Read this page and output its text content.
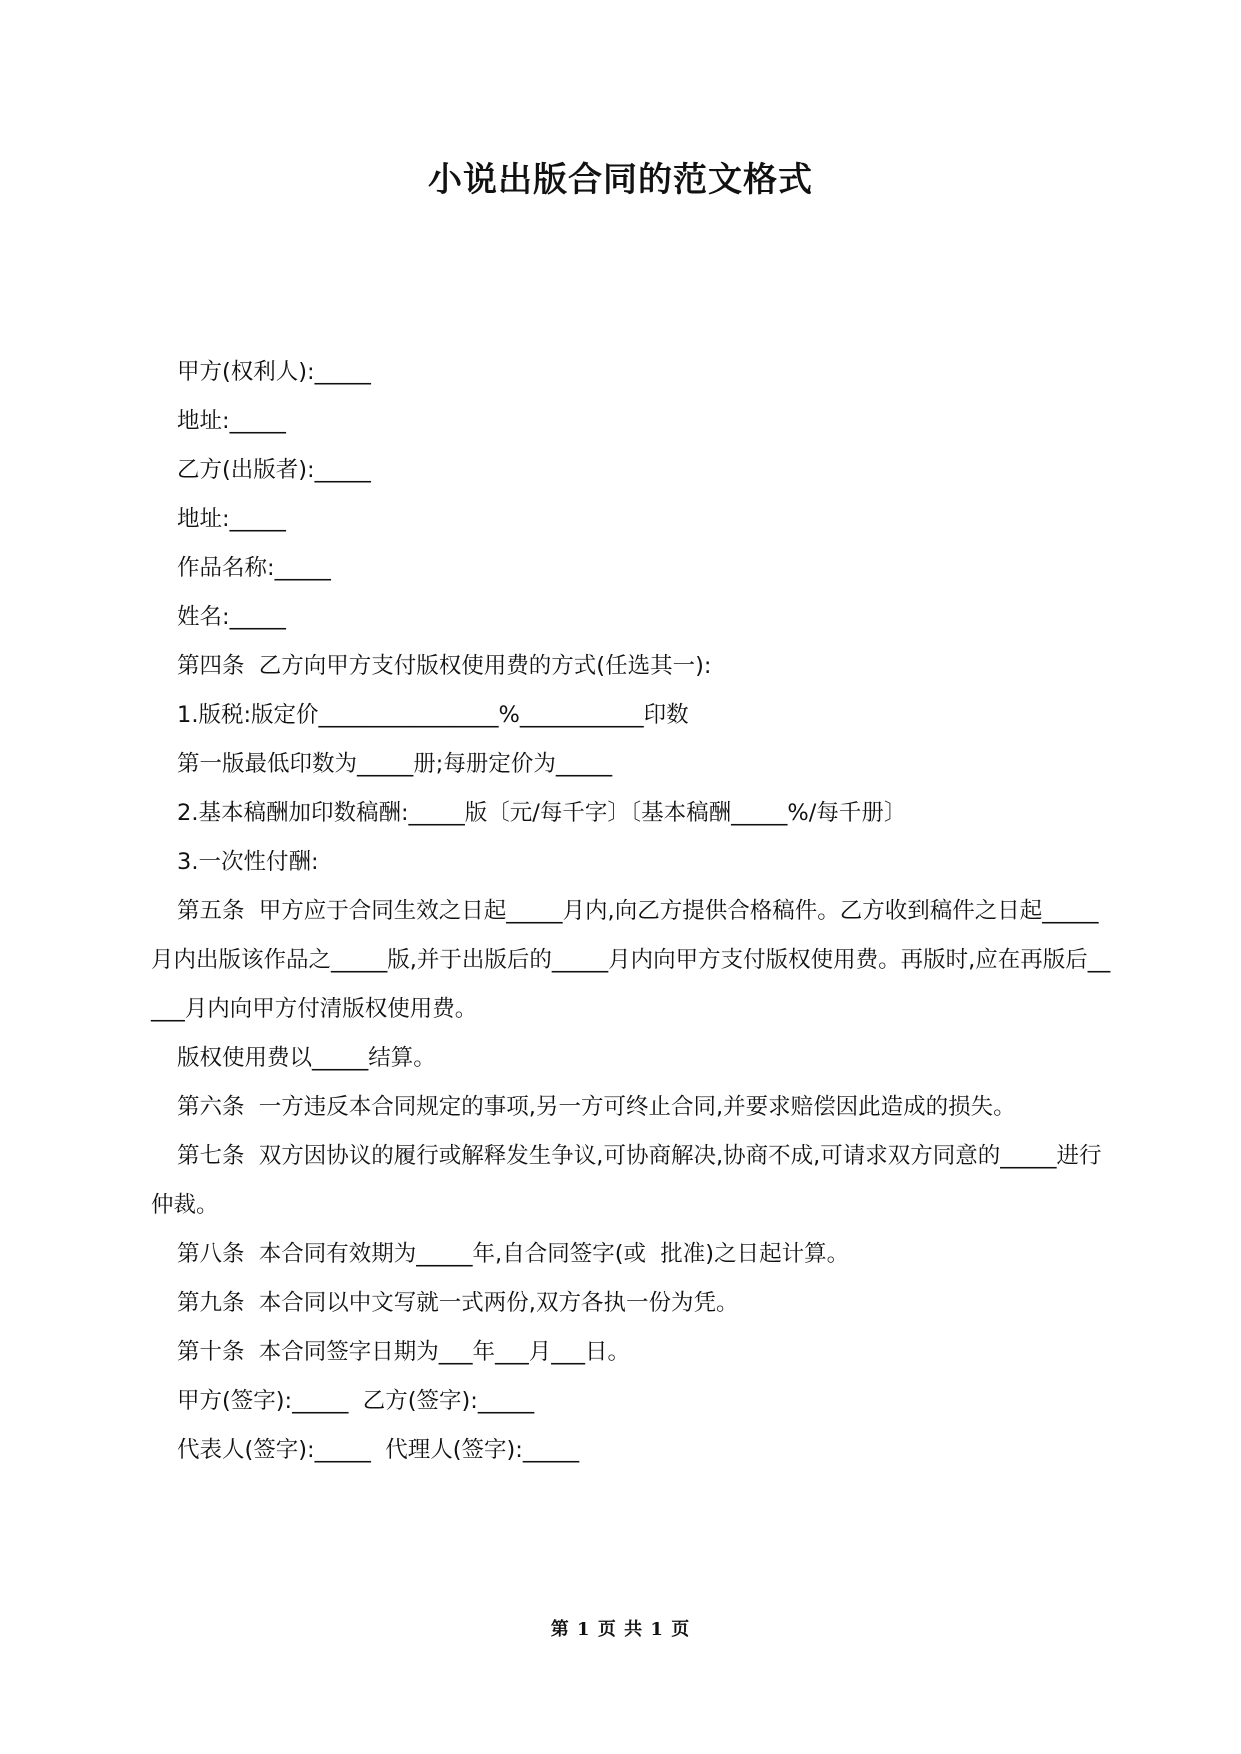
小说出版合同的范文格式

甲方(权利人):_____

地址:_____

乙方(出版者):_____

地址:_____

作品名称:_____

姓名:_____

第四条  乙方向甲方支付版权使用费的方式(任选其一):

1.版税:版定价________________%___________印数

第一版最低印数为_____册;每册定价为_____

2.基本稿酬加印数稿酬:_____版〔元/每千字〕〔基本稿酬_____%/每千册〕

3.一次性付酬:

第五条  甲方应于合同生效之日起_____月内,向乙方提供合格稿件。乙方收到稿件之日起_____月内出版该作品之_____版,并于出版后的_____月内向甲方支付版权使用费。再版时,应在再版后_____月内向甲方付清版权使用费。

版权使用费以_____结算。

第六条  一方违反本合同规定的事项,另一方可终止合同,并要求赔偿因此造成的损失。

第七条  双方因协议的履行或解释发生争议,可协商解决,协商不成,可请求双方同意的_____进行仲裁。

第八条  本合同有效期为_____年,自合同签字(或  批准)之日起计算。

第九条  本合同以中文写就一式两份,双方各执一份为凭。

第十条  本合同签字日期为___年___月___日。

甲方(签字):_____  乙方(签字):_____

代表人(签字):_____  代理人(签字):_____

第 1 页 共 1 页
